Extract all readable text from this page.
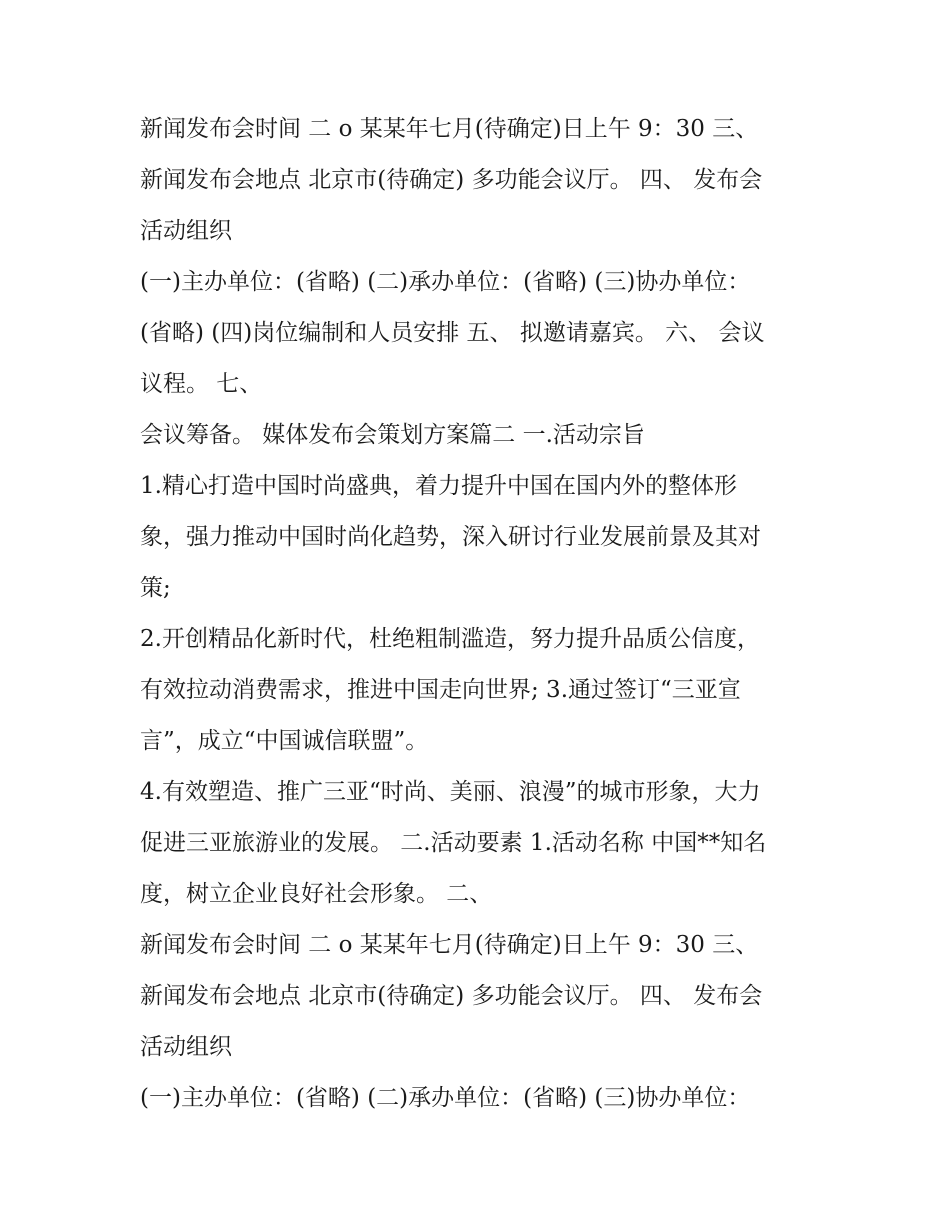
新闻发布会时间 二 o 某某年七月(待确定)日上午 9：30 三、
新闻发布会地点 北京市(待确定) 多功能会议厅。 四、 发布会
活动组织
(一)主办单位：(省略) (二)承办单位：(省略) (三)协办单位：
(省略) (四)岗位编制和人员安排 五、 拟邀请嘉宾。 六、 会议
议程。 七、
会议筹备。 媒体发布会策划方案篇二 一.活动宗旨
1.精心打造中国时尚盛典，着力提升中国在国内外的整体形
象，强力推动中国时尚化趋势，深入研讨行业发展前景及其对
策;
2.开创精品化新时代，杜绝粗制滥造，努力提升品质公信度，
有效拉动消费需求，推进中国走向世界; 3.通过签订“三亚宣
言”，成立“中国诚信联盟”。
4.有效塑造、推广三亚“时尚、美丽、浪漫”的城市形象，大力
促进三亚旅游业的发展。 二.活动要素 1.活动名称 中国**知名
度，树立企业良好社会形象。 二、
新闻发布会时间 二 o 某某年七月(待确定)日上午 9：30 三、
新闻发布会地点 北京市(待确定) 多功能会议厅。 四、 发布会
活动组织
(一)主办单位：(省略) (二)承办单位：(省略) (三)协办单位：
